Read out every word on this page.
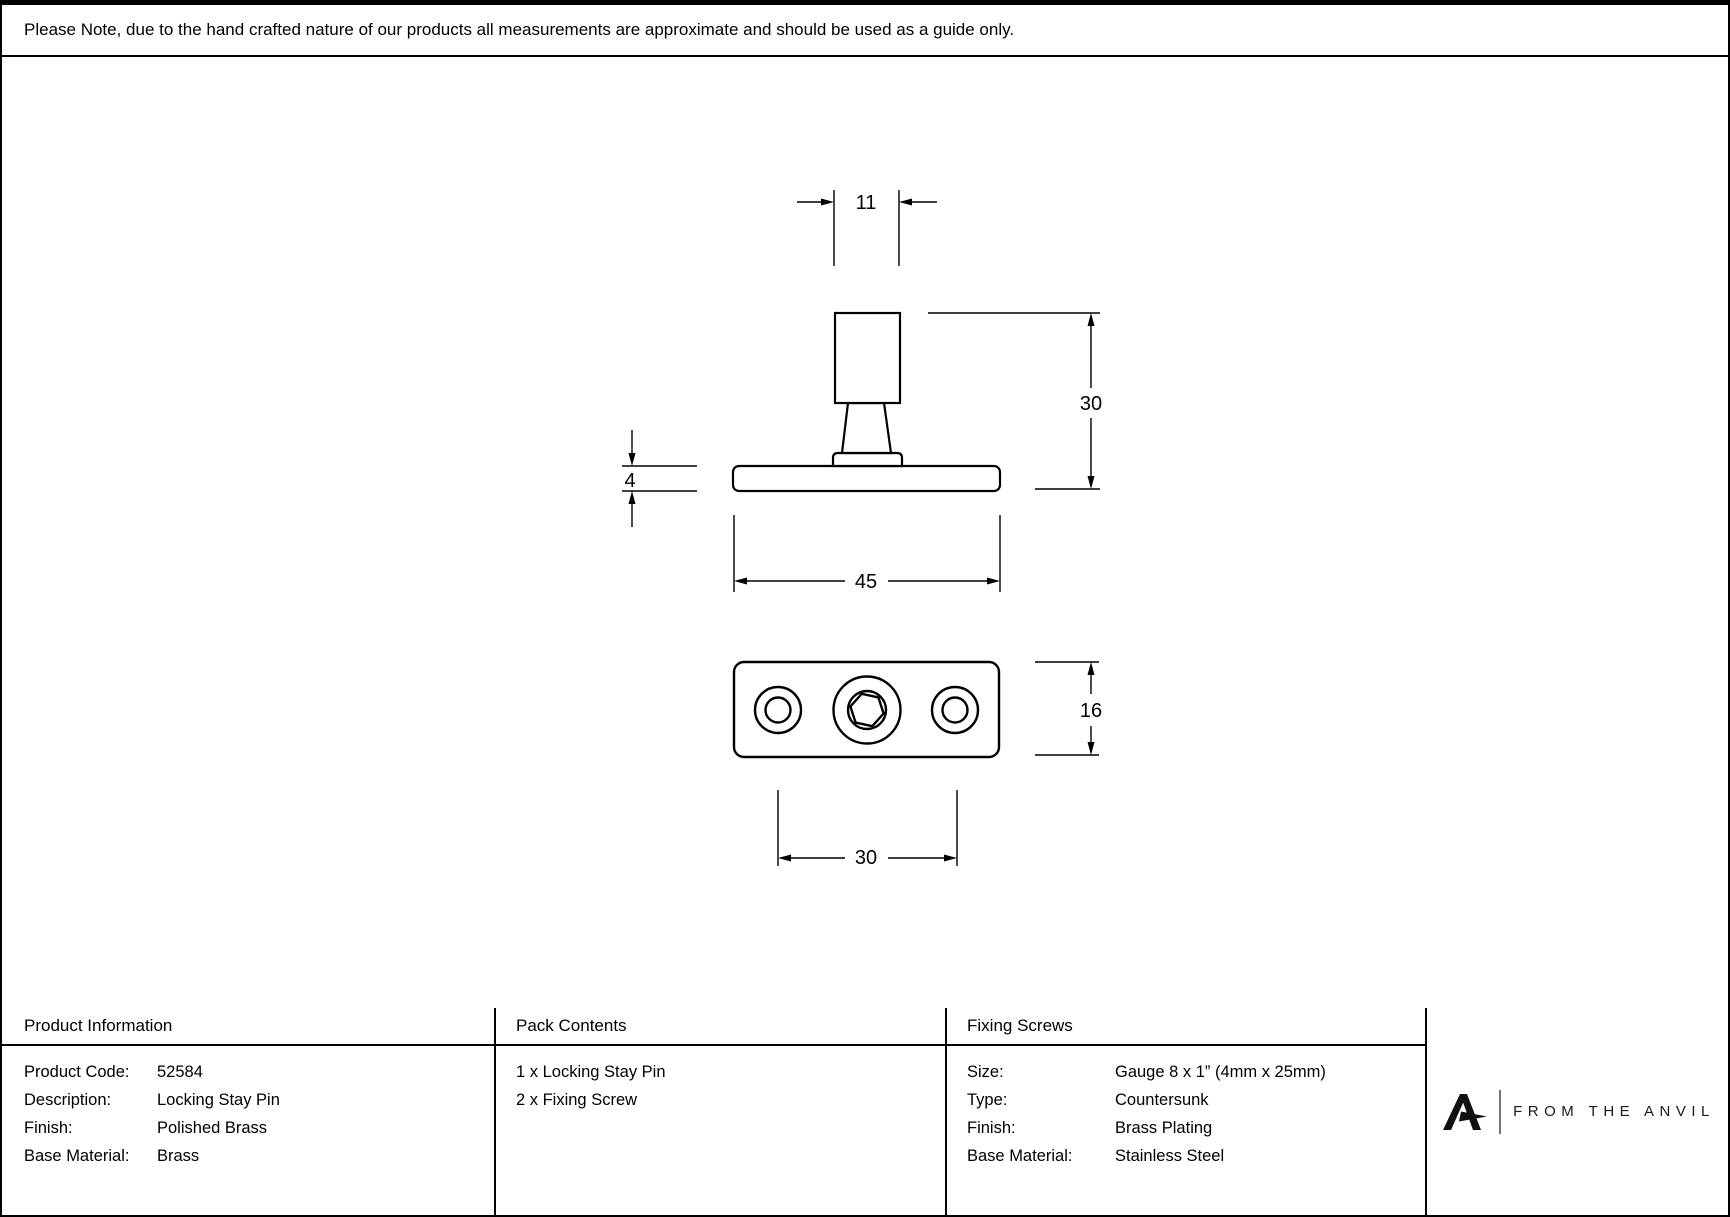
11
30
4
45
16
30
Please Note, due to the hand crafted nature of our products all measurements are approximate and should be used as a guide only.
Product Information	Pack Contents	Fixing Screws
Product Code:	52584
Description:	Locking Stay Pin
Finish:	Polished Brass
Base Material:	Brass
1 x Locking Stay Pin
2 x Fixing Screw
Size:	Gauge 8 x 1” (4mm x 25mm)
Type:	Countersunk
Finish:	Brass Plating
Base Material:	Stainless Steel
FROM THE ANVIL
